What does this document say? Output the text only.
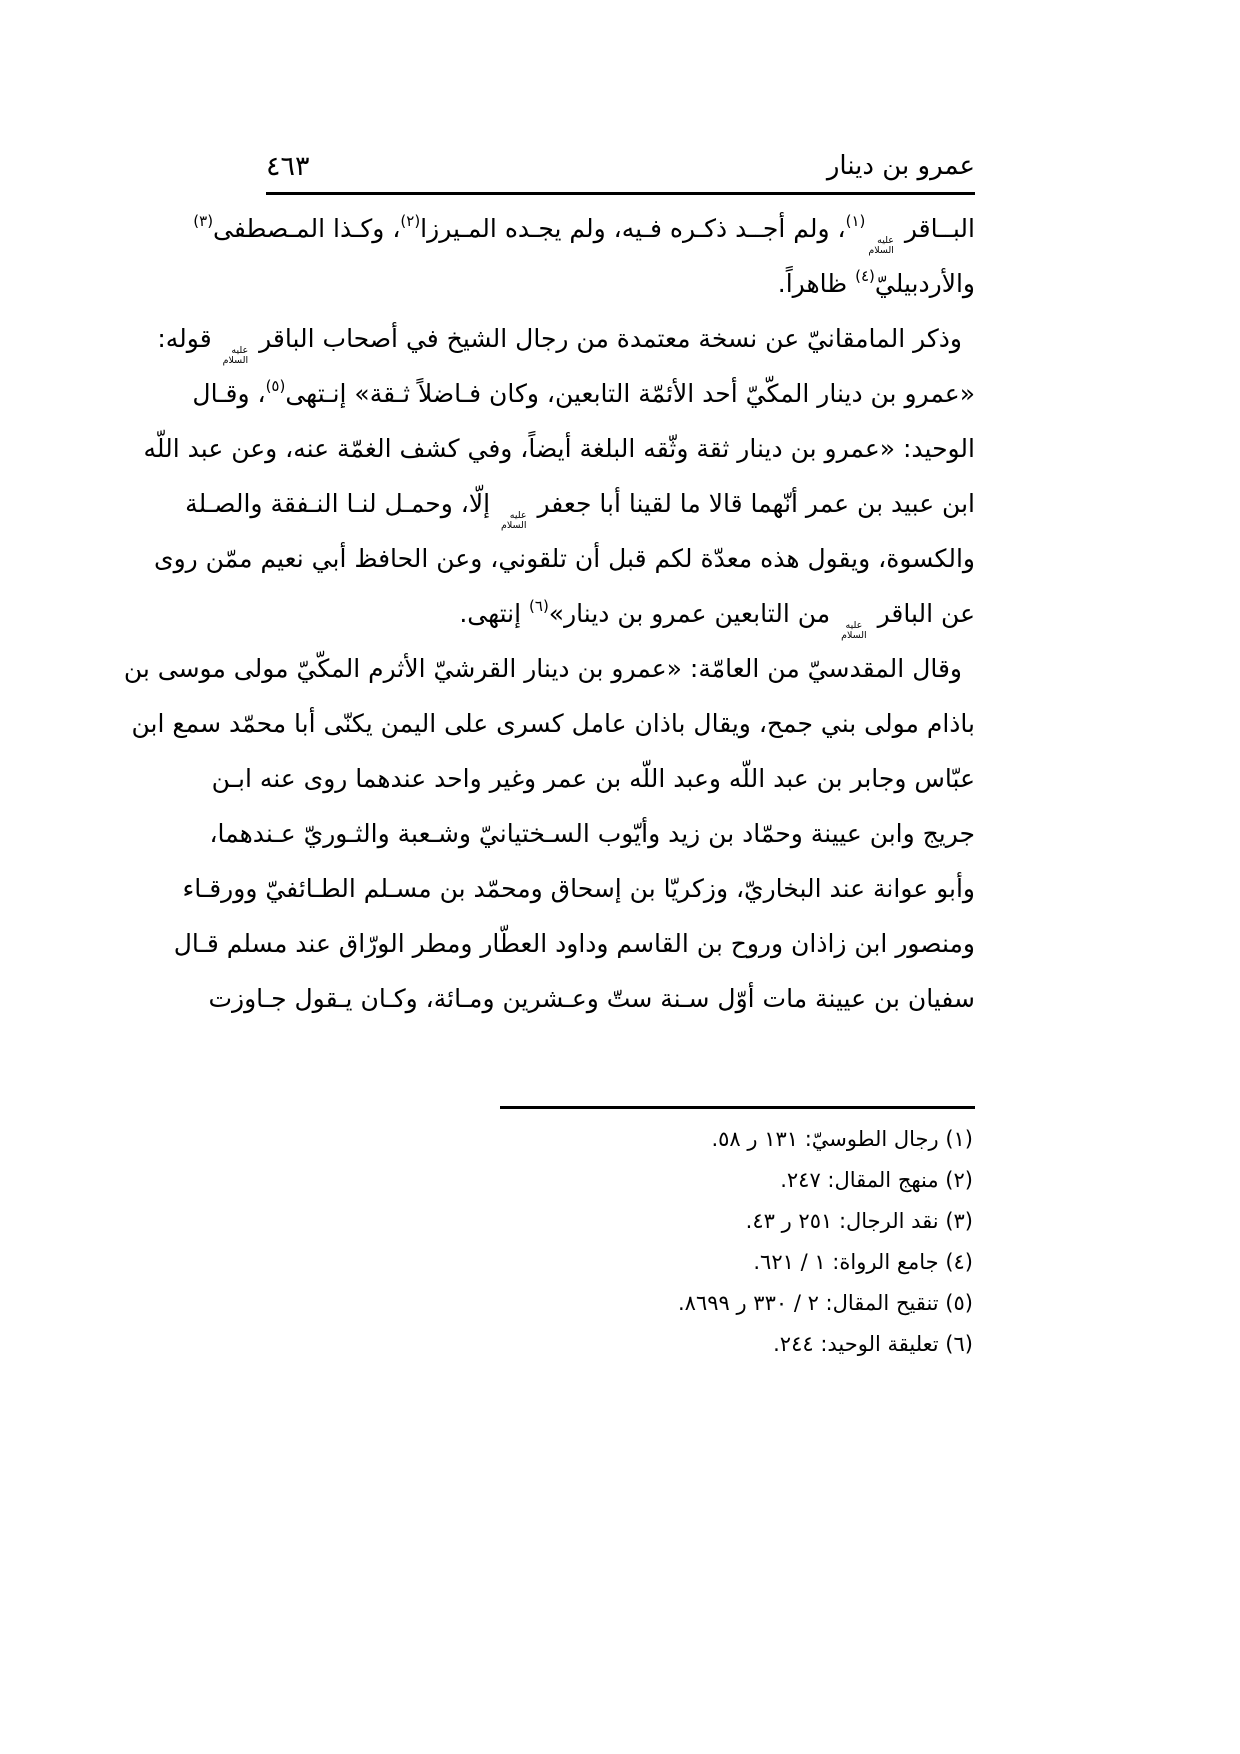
عمرو بن دينار
٤٦٣
البــاقر
عليه
السلام
$^{(١)}$، ولم أجــد ذكـره فـيه، ولم يجـده المـيرزا$^{(٢)}$، وكـذا المـصطفى$^{(٣)}$
والأردبيليّ$^{(٤)}$ ظاهراً.
وذكر المامقانيّ عن نسخة معتمدة من رجال الشيخ في أصحاب الباقر
عليه
السلام
قوله:
«عمرو بن دينار المكّيّ أحد الأئمّة التابعين، وكان فـاضلاً ثـقة» إنـتهى$^{(٥)}$، وقـال
الوحيد: «عمرو بن دينار ثقة وثّقه البلغة أيضاً، وفي كشف الغمّة عنه، وعن عبد اللّه
ابن عبيد بن عمر أنّهما قالا ما لقينا أبا جعفر
عليه
السلام
إلّا، وحمـل لنـا النـفقة والصـلة
والكسوة، ويقول هذه معدّة لكم قبل أن تلقوني، وعن الحافظ أبي نعيم ممّن روى
عن الباقر
عليه
السلام
من التابعين عمرو بن دينار»$^{(٦)}$ إنتهى.
وقال المقدسيّ من العامّة: «عمرو بن دينار القرشيّ الأثرم المكّيّ مولى موسى بن
باذام مولى بني جمح، ويقال باذان عامل كسرى على اليمن يكنّى أبا محمّد سمع ابن
عبّاس وجابر بن عبد اللّه وعبد اللّه بن عمر وغير واحد عندهما روى عنه ابـن
جريج وابن عيينة وحمّاد بن زيد وأيّوب السـختيانيّ وشـعبة والثـوريّ عـندهما،
وأبو عوانة عند البخاريّ، وزكريّا بن إسحاق ومحمّد بن مسـلم الطـائفيّ وورقـاء
ومنصور ابن زاذان وروح بن القاسم وداود العطّار ومطر الورّاق عند مسلم قـال
سفيان بن عيينة مات أوّل سـنة ستّ وعـشرين ومـائة، وكـان يـقول جـاوزت
(١) رجال الطوسيّ: ١٣١ ر ٥٨.
(٢) منهج المقال: ٢٤٧.
(٣) نقد الرجال: ٢٥١ ر ٤٣.
(٤) جامع الرواة: ١ / ٦٢١.
(٥) تنقيح المقال: ٢ / ٣٣٠ ر ٨٦٩٩.
(٦) تعليقة الوحيد: ٢٤٤.
